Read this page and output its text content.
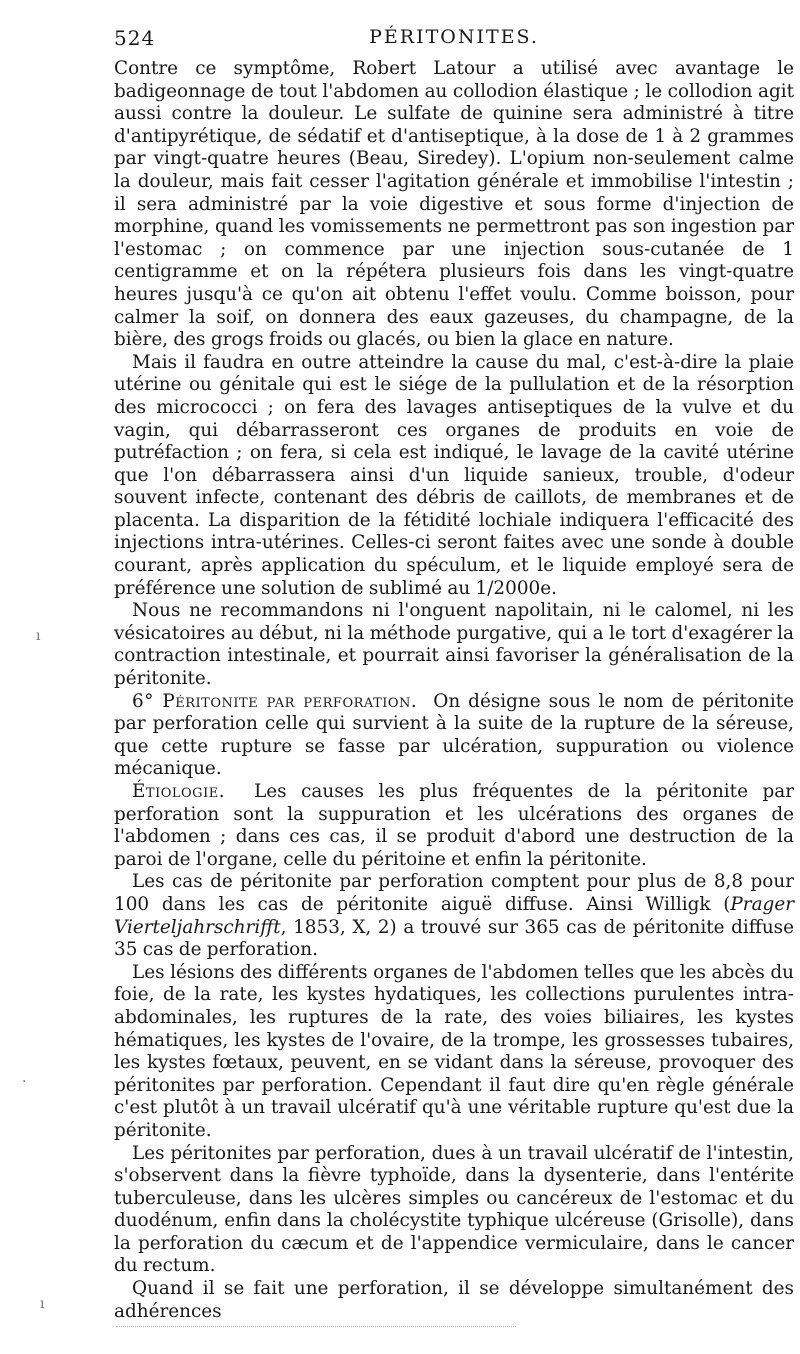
524	PÉRITONITES.

Contre ce symptôme, Robert Latour a utilisé avec avantage le badigeonnage de tout l'abdomen au collodion élastique ; le collodion agit aussi contre la douleur. Le sulfate de quinine sera administré à titre d'antipyrétique, de sédatif et d'antiseptique, à la dose de 1 à 2 grammes par vingt-quatre heures (Beau, Siredey). L'opium non-seulement calme la douleur, mais fait cesser l'agitation générale et immobilise l'intestin ; il sera administré par la voie digestive et sous forme d'injection de morphine, quand les vomissements ne permettront pas son ingestion par l'estomac ; on commence par une injection sous-cutanée de 1 centigramme et on la répétera plusieurs fois dans les vingt-quatre heures jusqu'à ce qu'on ait obtenu l'effet voulu. Comme boisson, pour calmer la soif, on donnera des eaux gazeuses, du champagne, de la bière, des grogs froids ou glacés, ou bien la glace en nature.

Mais il faudra en outre atteindre la cause du mal, c'est-à-dire la plaie utérine ou génitale qui est le siége de la pullulation et de la résorption des micrococci ; on fera des lavages antiseptiques de la vulve et du vagin, qui débarrasseront ces organes de produits en voie de putréfaction ; on fera, si cela est indiqué, le lavage de la cavité utérine que l'on débarrassera ainsi d'un liquide sanieux, trouble, d'odeur souvent infecte, contenant des débris de caillots, de membranes et de placenta. La disparition de la fétidité lochiale indiquera l'efficacité des injections intra-utérines. Celles-ci seront faites avec une sonde à double courant, après application du spéculum, et le liquide employé sera de préférence une solution de sublimé au 1/2000e.

Nous ne recommandons ni l'onguent napolitain, ni le calomel, ni les vésicatoires au début, ni la méthode purgative, qui a le tort d'exagérer la contraction intestinale, et pourrait ainsi favoriser la généralisation de la péritonite.

6° Péritonite par perforation. On désigne sous le nom de péritonite par perforation celle qui survient à la suite de la rupture de la séreuse, que cette rupture se fasse par ulcération, suppuration ou violence mécanique.

Étiologie. Les causes les plus fréquentes de la péritonite par perforation sont la suppuration et les ulcérations des organes de l'abdomen ; dans ces cas, il se produit d'abord une destruction de la paroi de l'organe, celle du péritoine et enfin la péritonite.

Les cas de péritonite par perforation comptent pour plus de 8,8 pour 100 dans les cas de péritonite aiguë diffuse. Ainsi Willigk (Prager Vierteljahrschrifft, 1853, X, 2) a trouvé sur 365 cas de péritonite diffuse 35 cas de perforation.

Les lésions des différents organes de l'abdomen telles que les abcès du foie, de la rate, les kystes hydatiques, les collections purulentes intra-abdominales, les ruptures de la rate, des voies biliaires, les kystes hématiques, les kystes de l'ovaire, de la trompe, les grossesses tubaires, les kystes fœtaux, peuvent, en se vidant dans la séreuse, provoquer des péritonites par perforation. Cependant il faut dire qu'en règle générale c'est plutôt à un travail ulcératif qu'à une véritable rupture qu'est due la péritonite.

Les péritonites par perforation, dues à un travail ulcératif de l'intestin, s'observent dans la fièvre typhoïde, dans la dysenterie, dans l'entérite tuberculeuse, dans les ulcères simples ou cancéreux de l'estomac et du duodénum, enfin dans la cholécystite typhique ulcéreuse (Grisolle), dans la perforation du cæcum et de l'appendice vermiculaire, dans le cancer du rectum.

Quand il se fait une perforation, il se développe simultanément des adhérences

ı
·
ı
